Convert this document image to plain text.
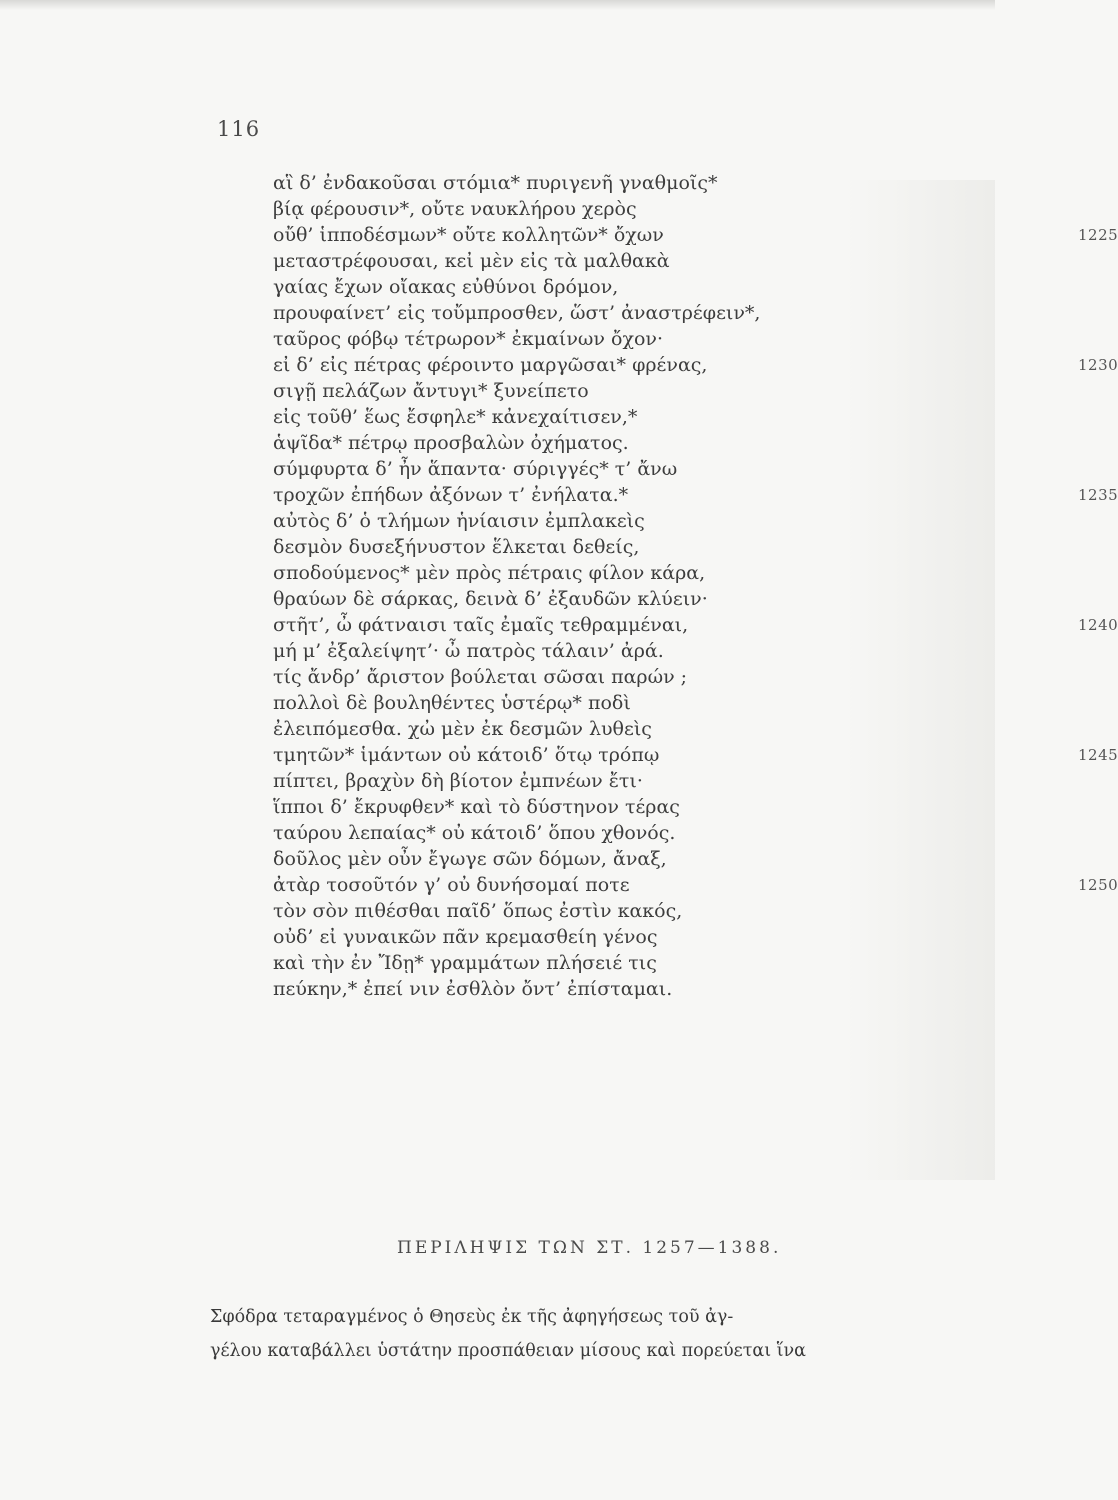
116
αἳ δ’ ἐνδακοῦσαι στόμια* πυριγενῆ γναθμοῖς*
βίᾳ φέρουσιν*, οὔτε ναυκλήρου χερὸς
οὔθ’ ἱπποδέσμων* οὔτε κολλητῶν* ὄχων	1225
μεταστρέφουσαι, κεἰ μὲν εἰς τὰ μαλθακὰ
γαίας ἔχων οἴακας εὐθύνοι δρόμον,
προυφαίνετ’ εἰς τοὔμπροσθεν, ὥστ’ ἀναστρέφειν*,
ταῦρος φόβῳ τέτρωρον* ἐκμαίνων ὄχον·
εἰ δ’ εἰς πέτρας φέροιντο μαργῶσαι* φρένας,	1230
σιγῇ πελάζων ἄντυγι* ξυνείπετο
εἰς τοῦθ’ ἕως ἔσφηλε* κἀνεχαίτισεν,*
ἁψῖδα* πέτρῳ προσβαλὼν ὀχήματος.
σύμφυρτα δ’ ἦν ἅπαντα· σύριγγές* τ’ ἄνω
τροχῶν ἐπήδων ἀξόνων τ’ ἐνήλατα.*	1235
αὐτὸς δ’ ὁ τλήμων ἡνίαισιν ἐμπλακεὶς
δεσμὸν δυσεξήνυστον ἕλκεται δεθείς,
σποδούμενος* μὲν πρὸς πέτραις φίλον κάρα,
θραύων δὲ σάρκας, δεινὰ δ’ ἐξαυδῶν κλύειν·
στῆτ’, ὦ φάτναισι ταῖς ἐμαῖς τεθραμμέναι,	1240
μή μ’ ἐξαλείψητ’· ὦ πατρὸς τάλαιν’ ἀρά.
τίς ἄνδρ’ ἄριστον βούλεται σῶσαι παρών ;
πολλοὶ δὲ βουληθέντες ὑστέρῳ* ποδὶ
ἐλειπόμεσθα. χὠ μὲν ἐκ δεσμῶν λυθεὶς
τμητῶν* ἱμάντων οὐ κάτοιδ’ ὅτῳ τρόπῳ	1245
πίπτει, βραχὺν δὴ βίοτον ἐμπνέων ἔτι·
ἵπποι δ’ ἔκρυφθεν* καὶ τὸ δύστηνον τέρας
ταύρου λεπαίας* οὐ κάτοιδ’ ὅπου χθονός.
δοῦλος μὲν οὖν ἔγωγε σῶν δόμων, ἄναξ,
ἀτὰρ τοσοῦτόν γ’ οὐ δυνήσομαί ποτε	1250
τὸν σὸν πιθέσθαι παῖδ’ ὅπως ἐστὶν κακός,
οὐδ’ εἰ γυναικῶν πᾶν κρεμασθείη γένος
καὶ τὴν ἐν Ἴδῃ* γραμμάτων πλήσειέ τις
πεύκην,* ἐπεί νιν ἐσθλὸν ὄντ’ ἐπίσταμαι.
ΠΕΡΙΛΗΨΙΣ ΤΩΝ ΣΤ. 1257—1388.

Σφόδρα τεταραγμένος ὁ Θησεὺς ἐκ τῆς ἀφηγήσεως τοῦ ἀγ-
γέλου καταβάλλει ὑστάτην προσπάθειαν μίσους καὶ πορεύεται ἵνα
